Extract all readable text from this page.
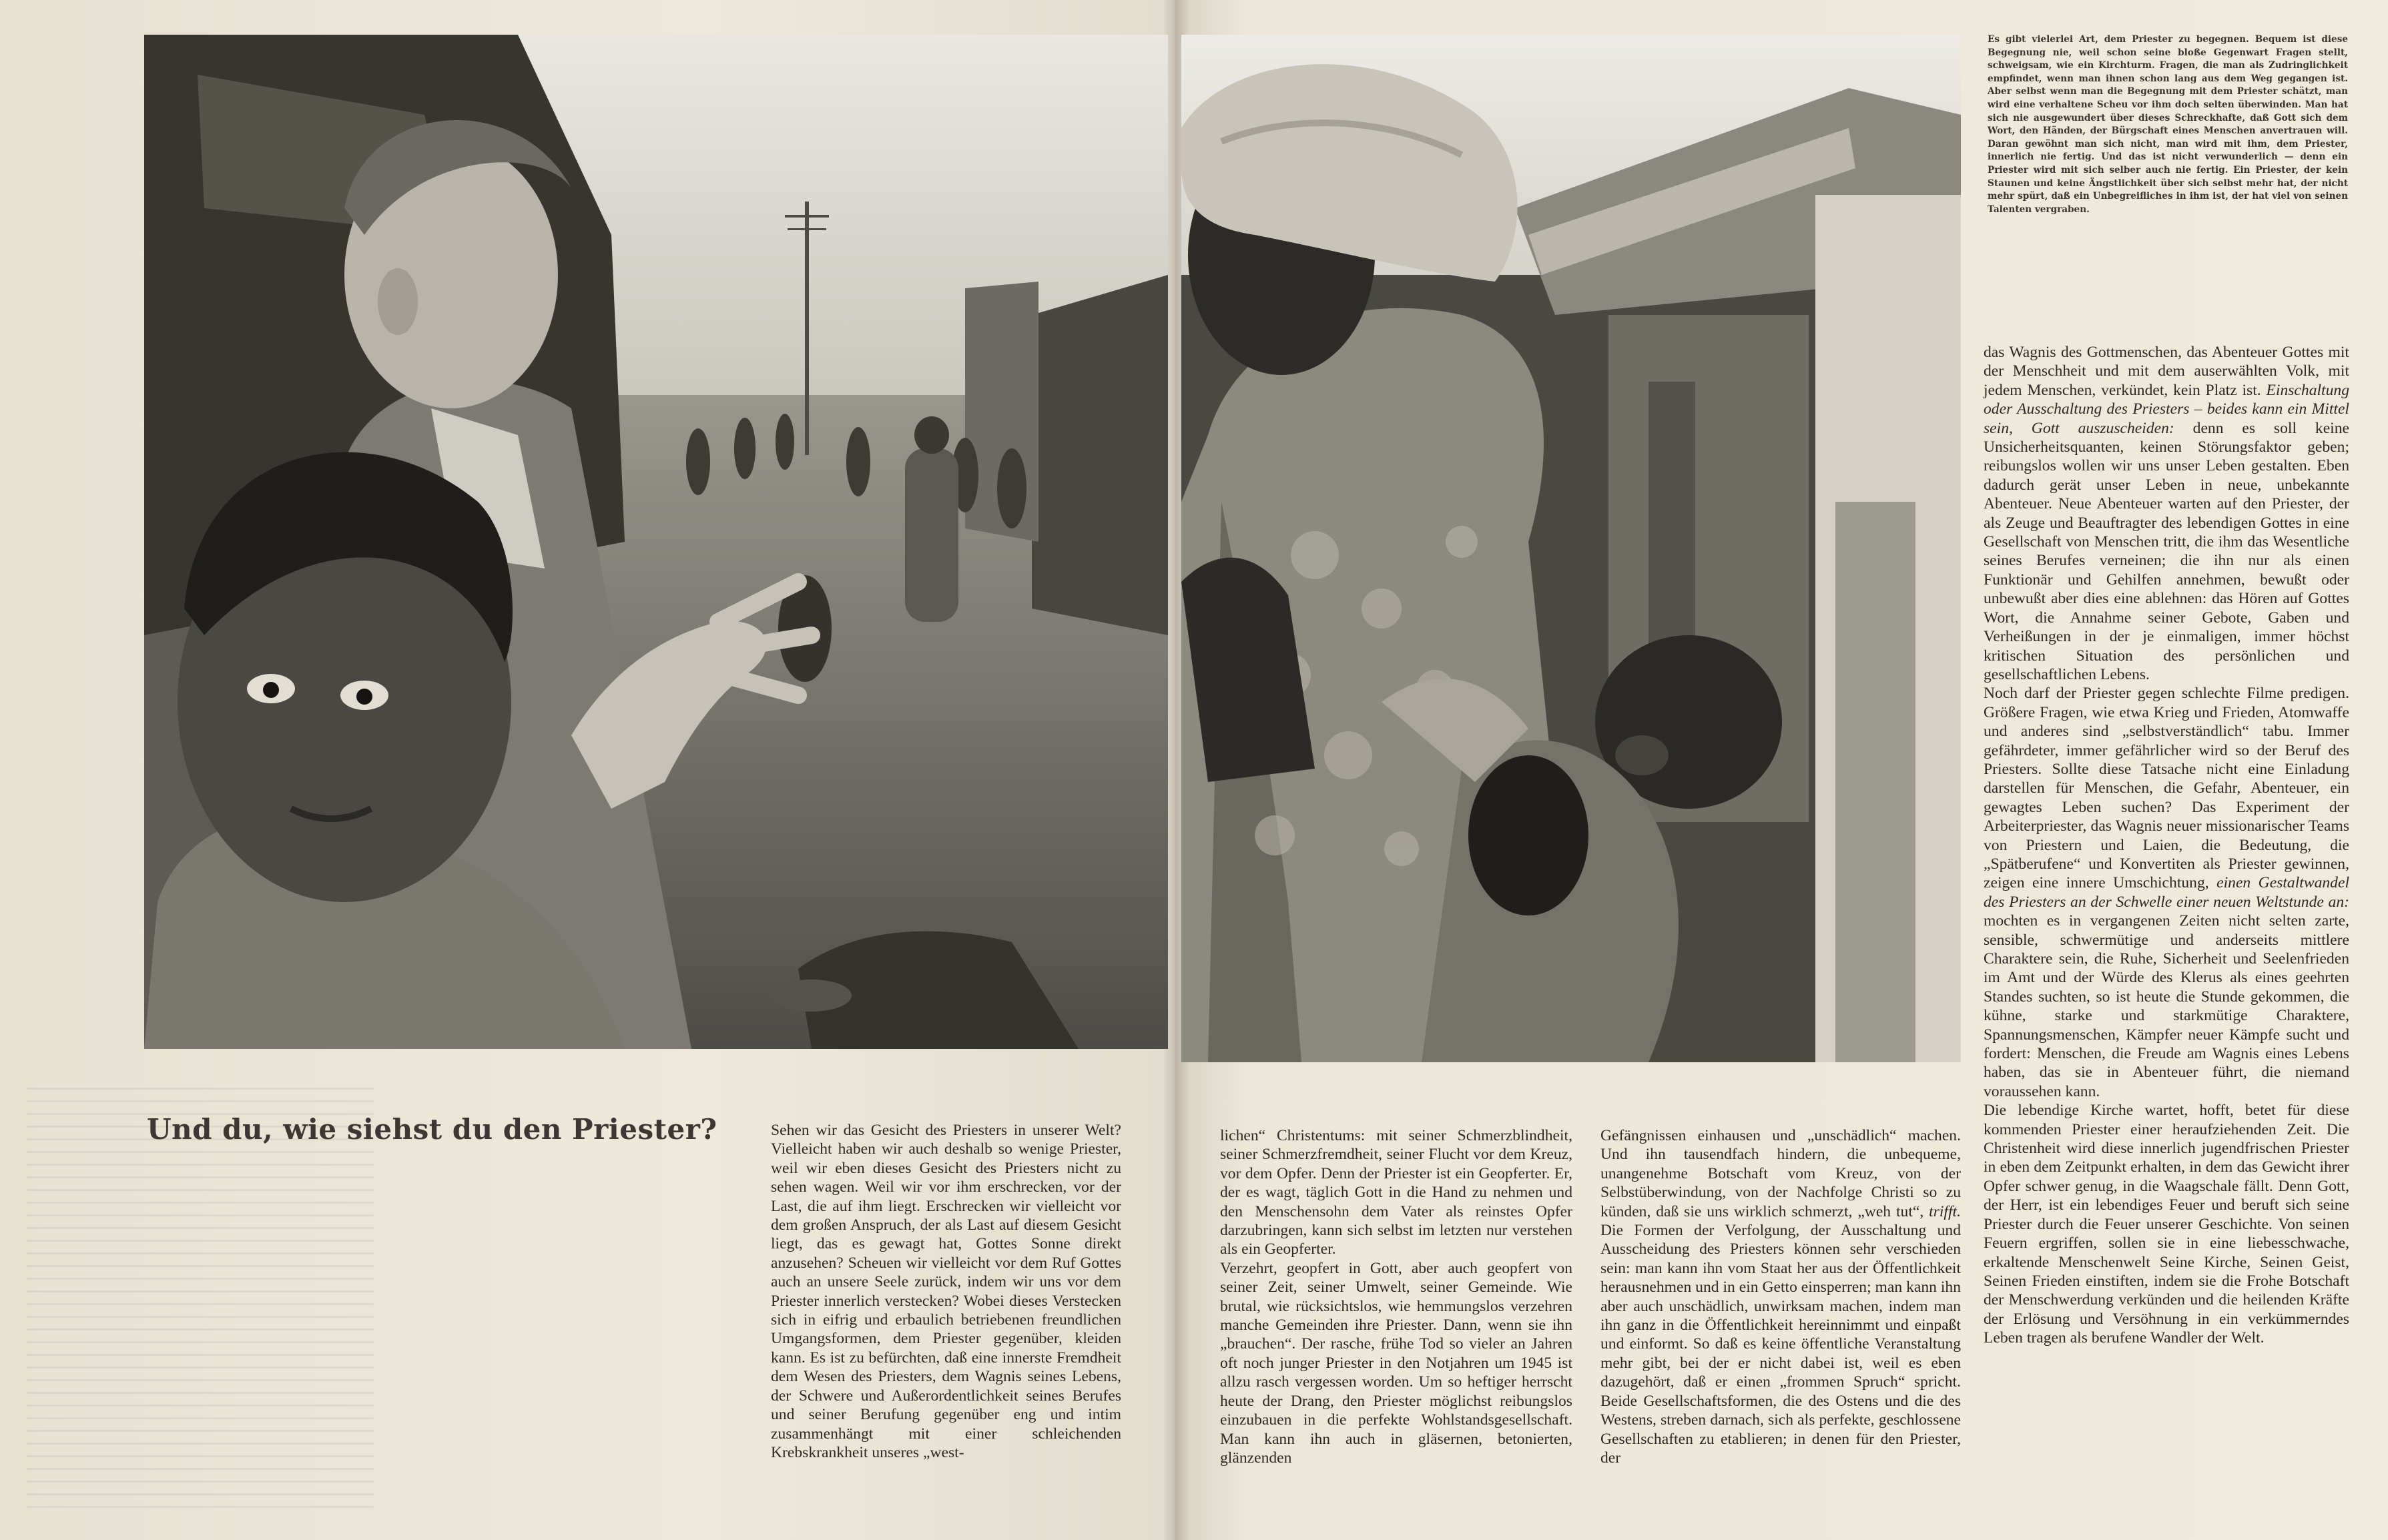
Es gibt vielerlei Art, dem Priester zu begegnen. Bequem ist diese Begegnung nie, weil schon seine bloße Gegenwart Fragen stellt, schweigsam, wie ein Kirchturm. Fragen, die man als Zudringlichkeit empfindet, wenn man ihnen schon lang aus dem Weg gegangen ist. Aber selbst wenn man die Begegnung mit dem Priester schätzt, man wird eine verhaltene Scheu vor ihm doch selten überwinden. Man hat sich nie ausgewundert über dieses Schreckhafte, daß Gott sich dem Wort, den Händen, der Bürgschaft eines Menschen anvertrauen will. Daran gewöhnt man sich nicht, man wird mit ihm, dem Priester, innerlich nie fertig. Und das ist nicht verwunderlich — denn ein Priester wird mit sich selber auch nie fertig. Ein Priester, der kein Staunen und keine Ängstlichkeit über sich selbst mehr hat, der nicht mehr spürt, daß ein Unbegreifliches in ihm ist, der hat viel von seinen Talenten vergraben.

Und du, wie siehst du den Priester?	Sehen wir das Gesicht des Priesters in unserer Welt? Vielleicht haben wir auch deshalb so wenige Priester, weil wir eben dieses Gesicht des Priesters nicht zu sehen wagen. Weil wir vor ihm erschrecken, vor der Last, die auf ihm liegt. Erschrecken wir vielleicht vor dem großen Anspruch, der als Last auf diesem Gesicht liegt, das es gewagt hat, Gottes Sonne direkt anzusehen? Scheuen wir vielleicht vor dem Ruf Gottes auch an unsere Seele zurück, indem wir uns vor dem Priester innerlich verstecken? Wobei dieses Verstecken sich in eifrig und erbaulich betriebenen freundlichen Umgangsformen, dem Priester gegenüber, kleiden kann. Es ist zu befürchten, daß eine innerste Fremdheit dem Wesen des Priesters, dem Wagnis seines Lebens, der Schwere und Außerordentlichkeit seines Berufes und seiner Berufung gegenüber eng und intim zusammenhängt mit einer schleichenden Krebskrankheit unseres „west-

lichen“ Christentums: mit seiner Schmerzblindheit, seiner Schmerzfremdheit, seiner Flucht vor dem Kreuz, vor dem Opfer. Denn der Priester ist ein Geopferter. Er, der es wagt, täglich Gott in die Hand zu nehmen und den Menschensohn dem Vater als reinstes Opfer darzubringen, kann sich selbst im letzten nur verstehen als ein Geopferter.

Verzehrt, geopfert in Gott, aber auch geopfert von seiner Zeit, seiner Umwelt, seiner Gemeinde. Wie brutal, wie rücksichtslos, wie hemmungslos verzehren manche Gemeinden ihre Priester. Dann, wenn sie ihn „brauchen“. Der rasche, frühe Tod so vieler an Jahren oft noch junger Priester in den Notjahren um 1945 ist allzu rasch vergessen worden. Um so heftiger herrscht heute der Drang, den Priester möglichst reibungslos einzubauen in die perfekte Wohlstandsgesellschaft. Man kann ihn auch in gläsernen, betonierten, glänzenden

Gefängnissen einhausen und „unschädlich“ machen. Und ihn tausendfach hindern, die unbequeme, unangenehme Botschaft vom Kreuz, von der Selbstüberwindung, von der Nachfolge Christi so zu künden, daß sie uns wirklich schmerzt, „weh tut“, trifft. Die Formen der Verfolgung, der Ausschaltung und Ausscheidung des Priesters können sehr verschieden sein: man kann ihn vom Staat her aus der Öffentlichkeit herausnehmen und in ein Getto einsperren; man kann ihn aber auch unschädlich, unwirksam machen, indem man ihn ganz in die Öffentlichkeit hereinnimmt und einpaßt und einformt. So daß es keine öffentliche Veranstaltung mehr gibt, bei der er nicht dabei ist, weil es eben dazugehört, daß er einen „frommen Spruch“ spricht. Beide Gesellschaftsformen, die des Ostens und die des Westens, streben darnach, sich als perfekte, geschlossene Gesellschaften zu etablieren; in denen für den Priester, der

das Wagnis des Gottmenschen, das Abenteuer Gottes mit der Menschheit und mit dem auserwählten Volk, mit jedem Menschen, verkündet, kein Platz ist. Einschaltung oder Ausschaltung des Priesters – beides kann ein Mittel sein, Gott auszuscheiden: denn es soll keine Unsicherheitsquanten, keinen Störungsfaktor geben; reibungslos wollen wir uns unser Leben gestalten. Eben dadurch gerät unser Leben in neue, unbekannte Abenteuer. Neue Abenteuer warten auf den Priester, der als Zeuge und Beauftragter des lebendigen Gottes in eine Gesellschaft von Menschen tritt, die ihm das Wesentliche seines Berufes verneinen; die ihn nur als einen Funktionär und Gehilfen annehmen, bewußt oder unbewußt aber dies eine ablehnen: das Hören auf Gottes Wort, die Annahme seiner Gebote, Gaben und Verheißungen in der je einmaligen, immer höchst kritischen Situation des persönlichen und gesellschaftlichen Lebens.

Noch darf der Priester gegen schlechte Filme predigen. Größere Fragen, wie etwa Krieg und Frieden, Atomwaffe und anderes sind „selbstverständlich“ tabu. Immer gefährdeter, immer gefährlicher wird so der Beruf des Priesters. Sollte diese Tatsache nicht eine Einladung darstellen für Menschen, die Gefahr, Abenteuer, ein gewagtes Leben suchen? Das Experiment der Arbeiterpriester, das Wagnis neuer missionarischer Teams von Priestern und Laien, die Bedeutung, die „Spätberufene“ und Konvertiten als Priester gewinnen, zeigen eine innere Umschichtung, einen Gestaltwandel des Priesters an der Schwelle einer neuen Weltstunde an: mochten es in vergangenen Zeiten nicht selten zarte, sensible, schwermütige und anderseits mittlere Charaktere sein, die Ruhe, Sicherheit und Seelenfrieden im Amt und der Würde des Klerus als eines geehrten Standes suchten, so ist heute die Stunde gekommen, die kühne, starke und starkmütige Charaktere, Spannungsmenschen, Kämpfer neuer Kämpfe sucht und fordert: Menschen, die Freude am Wagnis eines Lebens haben, das sie in Abenteuer führt, die niemand voraussehen kann.

Die lebendige Kirche wartet, hofft, betet für diese kommenden Priester einer heraufziehenden Zeit. Die Christenheit wird diese innerlich jugendfrischen Priester in eben dem Zeitpunkt erhalten, in dem das Gewicht ihrer Opfer schwer genug, in die Waagschale fällt. Denn Gott, der Herr, ist ein lebendiges Feuer und beruft sich seine Priester durch die Feuer unserer Geschichte. Von seinen Feuern ergriffen, sollen sie in eine liebesschwache, erkaltende Menschenwelt Seine Kirche, Seinen Geist, Seinen Frieden einstiften, indem sie die Frohe Botschaft der Menschwerdung verkünden und die heilenden Kräfte der Erlösung und Versöhnung in ein verkümmerndes Leben tragen als berufene Wandler der Welt.
